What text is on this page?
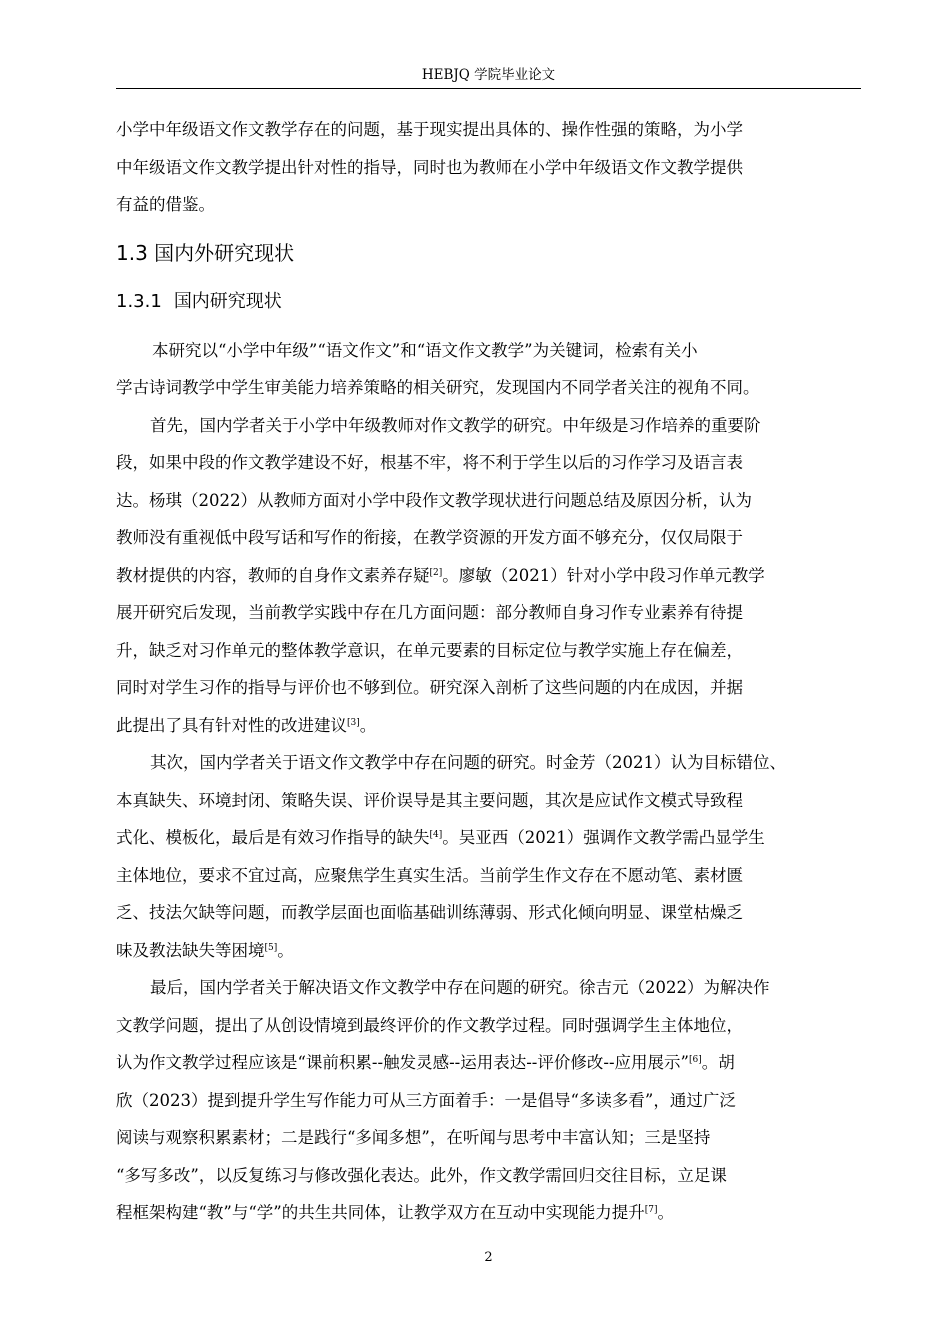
HEBJQ 学院毕业论文
小学中年级语文作文教学存在的问题，基于现实提出具体的、操作性强的策略，为小学
中年级语文作文教学提出针对性的指导，同时也为教师在小学中年级语文作文教学提供
有益的借鉴。
1.3 国内外研究现状
1.3.1 国内研究现状
本研究以“小学中年级”“语文作文”和“语文作文教学”为关键词，检索有关小
学古诗词教学中学生审美能力培养策略的相关研究，发现国内不同学者关注的视角不同。
首先，国内学者关于小学中年级教师对作文教学的研究。中年级是习作培养的重要阶
段，如果中段的作文教学建设不好，根基不牢，将不利于学生以后的习作学习及语言表
达。杨琪（2022）从教师方面对小学中段作文教学现状进行问题总结及原因分析，认为
教师没有重视低中段写话和写作的衔接，在教学资源的开发方面不够充分，仅仅局限于
教材提供的内容，教师的自身作文素养存疑[2]。廖敏（2021）针对小学中段习作单元教学
展开研究后发现，当前教学实践中存在几方面问题：部分教师自身习作专业素养有待提
升，缺乏对习作单元的整体教学意识，在单元要素的目标定位与教学实施上存在偏差，
同时对学生习作的指导与评价也不够到位。研究深入剖析了这些问题的内在成因，并据
此提出了具有针对性的改进建议[3]。
其次，国内学者关于语文作文教学中存在问题的研究。时金芳（2021）认为目标错位、
本真缺失、环境封闭、策略失误、评价误导是其主要问题，其次是应试作文模式导致程
式化、模板化，最后是有效习作指导的缺失[4]。吴亚西（2021）强调作文教学需凸显学生
主体地位，要求不宜过高，应聚焦学生真实生活。当前学生作文存在不愿动笔、素材匮
乏、技法欠缺等问题，而教学层面也面临基础训练薄弱、形式化倾向明显、课堂枯燥乏
味及教法缺失等困境[5]。
最后，国内学者关于解决语文作文教学中存在问题的研究。徐吉元（2022）为解决作
文教学问题，提出了从创设情境到最终评价的作文教学过程。同时强调学生主体地位，
认为作文教学过程应该是“课前积累--触发灵感--运用表达--评价修改--应用展示”[6]。胡
欣（2023）提到提升学生写作能力可从三方面着手：一是倡导“多读多看”，通过广泛
阅读与观察积累素材；二是践行“多闻多想”，在听闻与思考中丰富认知；三是坚持
“多写多改”，以反复练习与修改强化表达。此外，作文教学需回归交往目标，立足课
程框架构建“教”与“学”的共生共同体，让教学双方在互动中实现能力提升[7]。
2
